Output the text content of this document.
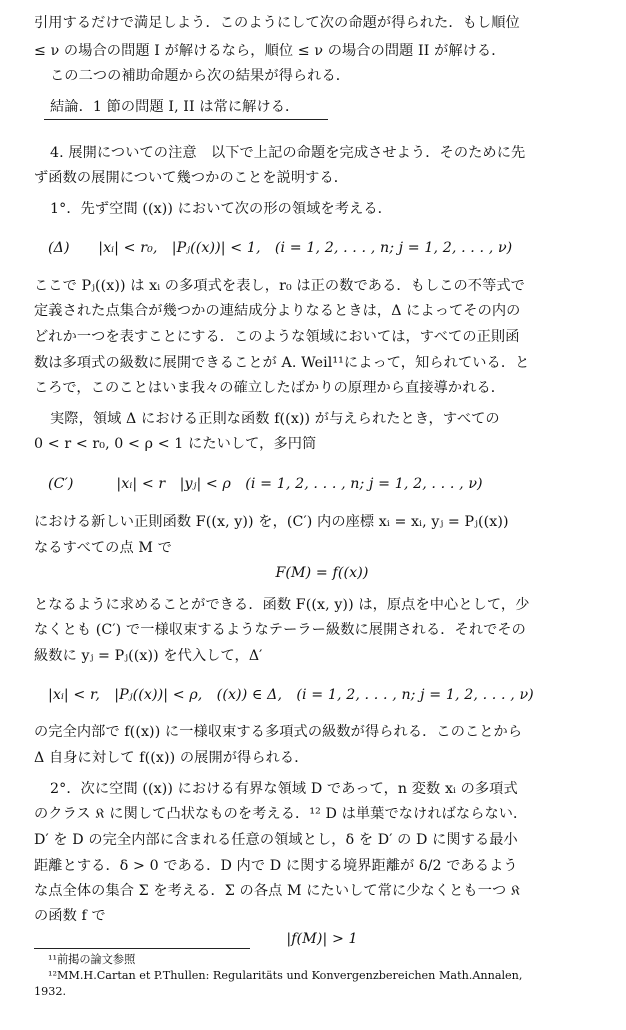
引用するだけで満足しよう．このようにして次の命題が得られた．もし順位
≤ ν の場合の問題 I が解けるなら，順位 ≤ ν の場合の問題 II が解ける．
この二つの補助命題から次の結果が得られる．
結論．1 節の問題 I, II は常に解ける．
4. 展開についての注意　以下で上記の命題を完成させよう．そのために先
ず函数の展開について幾つかのことを説明する．
1°．先ず空間 ((x)) において次の形の領域を考える．
(Δ)　　|xᵢ| < r₀,　|Pⱼ((x))| < 1,　(i = 1, 2, . . . , n; j = 1, 2, . . . , ν)
ここで Pⱼ((x)) は xᵢ の多項式を表し，r₀ は正の数である．もしこの不等式で
定義された点集合が幾つかの連結成分よりなるときは，Δ によってその内の
どれか一つを表すことにする．このような領域においては，すべての正則函
数は多項式の級数に展開できることが A. Weil¹¹によって，知られている．と
ころで，このことはいま我々の確立したばかりの原理から直接導かれる．
実際，領域 Δ における正則な函数 f((x)) が与えられたとき，すべての
0 < r < r₀, 0 < ρ < 1 にたいして，多円筒
(C′)　　　|xᵢ| < r　|yⱼ| < ρ　(i = 1, 2, . . . , n; j = 1, 2, . . . , ν)
における新しい正則函数 F((x, y)) を，(C′) 内の座標 xᵢ = xᵢ, yⱼ = Pⱼ((x))
なるすべての点 M で
F(M) = f((x))
となるように求めることができる．函数 F((x, y)) は，原点を中心として，少
なくとも (C′) で一様収束するようなテーラー級数に展開される．それでその
級数に yⱼ = Pⱼ((x)) を代入して，Δ′
|xᵢ| < r,　|Pⱼ((x))| < ρ,　((x)) ∈ Δ,　(i = 1, 2, . . . , n; j = 1, 2, . . . , ν)
の完全内部で f((x)) に一様収束する多項式の級数が得られる．このことから
Δ 自身に対して f((x)) の展開が得られる．
2°．次に空間 ((x)) における有界な領域 D であって，n 変数 xᵢ の多項式
のクラス 𝔎 に関して凸状なものを考える．¹² D は単葉でなければならない．
D′ を D の完全内部に含まれる任意の領域とし，δ を D′ の D に関する最小
距離とする．δ > 0 である．D 内で D に関する境界距離が δ/2 であるよう
な点全体の集合 Σ を考える．Σ の各点 M にたいして常に少なくとも一つ 𝔎
の函数 f で
|f(M)| > 1
¹¹前掲の論文参照
¹²MM.H.Cartan et P.Thullen: Regularitäts und Konvergenzbereichen Math.Annalen,
1932.
